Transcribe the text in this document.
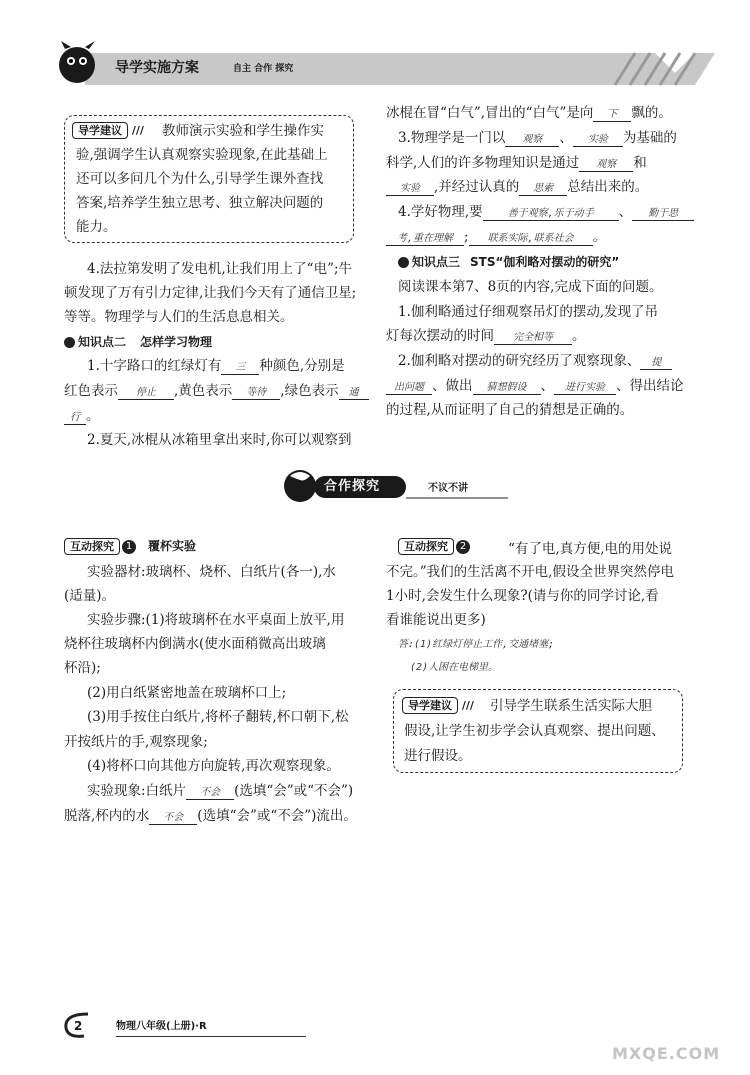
导学实施方案	自主 合作 探究
导学建议 /// 教师演示实验和学生操作实
验,强调学生认真观察实验现象,在此基础上
还可以多问几个为什么,引导学生课外查找
答案,培养学生独立思考、独立解决问题的
能力。
4.法拉第发明了发电机,让我们用上了“电”;牛
顿发现了万有引力定律,让我们今天有了通信卫星;
等等。物理学与人们的生活息息相关。
知识点二 怎样学习物理
1.十字路口的红绿灯有 三 种颜色,分别是
红色表示 停止 ,黄色表示 等待 ,绿色表示 通
行 。
2.夏天,冰棍从冰箱里拿出来时,你可以观察到
冰棍在冒“白气”,冒出的“白气”是向 下 飘的。
3.物理学是一门以 观察 、 实验 为基础的
科学,人们的许多物理知识是通过 观察 和
实验 ,并经过认真的 思索 总结出来的。
4.学好物理,要 善于观察,乐于动手 、 勤于思
考,重在理解 ; 联系实际,联系社会 。
知识点三 STS“伽利略对摆动的研究”
阅读课本第7、8页的内容,完成下面的问题。
1.伽利略通过仔细观察吊灯的摆动,发现了吊
灯每次摆动的时间 完全相等 。
2.伽利略对摆动的研究经历了观察现象、 提
出问题 、做出 猜想假设 、 进行实验 、得出结论
的过程,从而证明了自己的猜想是正确的。
合作探究	不议不讲
互动探究 1 覆杯实验
实验器材:玻璃杯、烧杯、白纸片(各一),水
(适量)。
实验步骤:(1)将玻璃杯在水平桌面上放平,用
烧杯往玻璃杯内倒满水(使水面稍微高出玻璃
杯沿);
(2)用白纸紧密地盖在玻璃杯口上;
(3)用手按住白纸片,将杯子翻转,杯口朝下,松
开按纸片的手,观察现象;
(4)将杯口向其他方向旋转,再次观察现象。
实验现象:白纸片 不会 (选填“会”或“不会”)
脱落,杯内的水 不会 (选填“会”或“不会”)流出。
互动探究 2	“有了电,真方便,电的用处说
不完。”我们的生活离不开电,假设全世界突然停电
1小时,会发生什么现象?(请与你的同学讨论,看
看谁能说出更多)
答:(1)红绿灯停止工作,交通堵塞;
(2)人困在电梯里。
导学建议 /// 引导学生联系生活实际大胆
假设,让学生初步学会认真观察、提出问题、
进行假设。
2	物理八年级(上册)·R
MXQE.COM
